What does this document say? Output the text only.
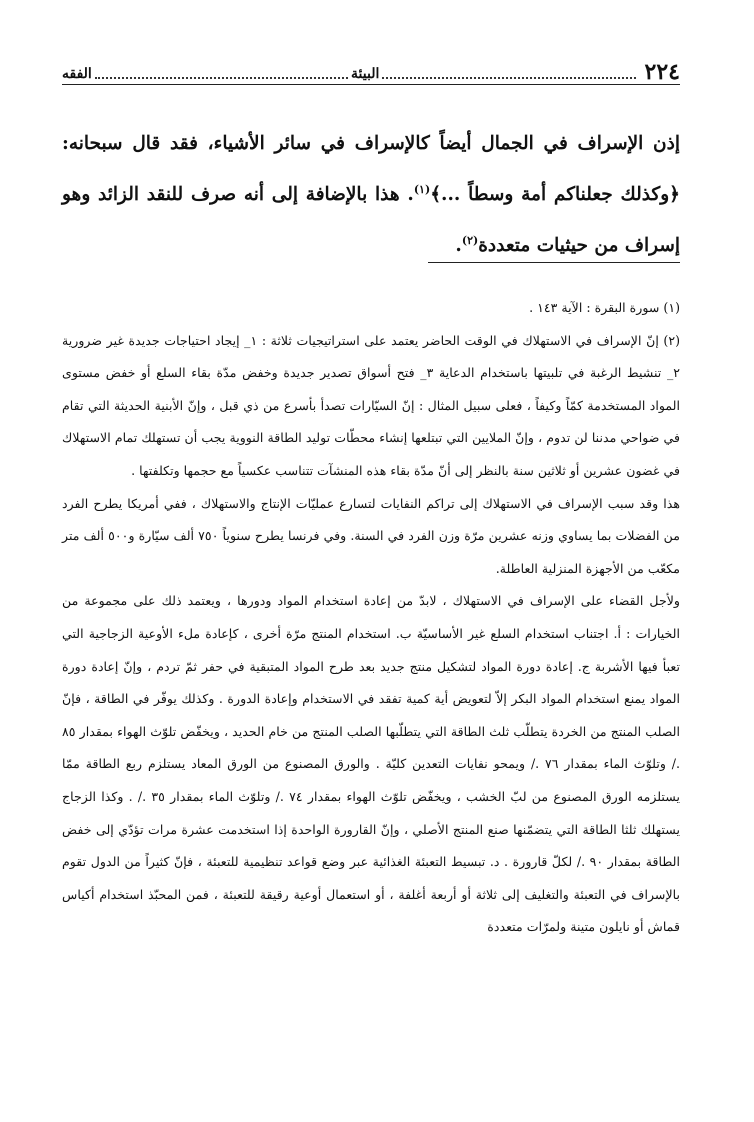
٢٢٤
البيئة
الفقه

إذن الإسراف في الجمال أيضاً كالإسراف في سائر الأشياء، فقد قال سبحانه: ﴿وكذلك جعلناكم أمة وسطاً ...﴾$^{(١)}$. هذا بالإضافة إلى أنه صرف للنقد الزائد وهو إسراف من حيثيات متعددة$^{(٢)}$.

(١) سورة البقرة : الآية ١٤٣ .

(٢) إنّ الإسراف في الاستهلاك في الوقت الحاضر يعتمد على استراتيجيات ثلاثة : ١_ إيجاد احتياجات جديدة غير ضرورية ٢_ تنشيط الرغبة في تلبيتها باستخدام الدعاية ٣_ فتح أسواق تصدير جديدة وخفض مدّة بقاء السلع أو خفض مستوى المواد المستخدمة كمّاً وكيفاً ، فعلى سبيل المثال : إنّ السيّارات تصدأ بأسرع من ذي قبل ، وإنّ الأبنية الحديثة التي تقام في ضواحي مدننا لن تدوم ، وإنّ الملايين التي تبتلعها إنشاء محطّات توليد الطاقة النووية يجب أن تستهلك تمام الاستهلاك في غضون عشرين أو ثلاثين سنة بالنظر إلى أنّ مدّة بقاء هذه المنشآت تتناسب عكسياً مع حجمها وتكلفتها .

هذا وقد سبب الإسراف في الاستهلاك إلى تراكم النفايات لتسارع عمليّات الإنتاج والاستهلاك ، ففي أمريكا يطرح الفرد من الفضلات بما يساوي وزنه عشرين مرّة وزن الفرد في السنة. وفي فرنسا يطرح سنوياً ٧٥٠ ألف سيّارة و٥٠٠ ألف متر مكعّب من الأجهزة المنزلية العاطلة.

ولأجل القضاء على الإسراف في الاستهلاك ، لابدّ من إعادة استخدام المواد ودورها ، ويعتمد ذلك على مجموعة من الخيارات : أ. اجتناب استخدام السلع غير الأساسيّة ب. استخدام المنتج مرّة أخرى ، كإعادة ملء الأوعية الزجاجية التي تعبأ فيها الأشربة ج. إعادة دورة المواد لتشكيل منتج جديد بعد طرح المواد المتبقية في حفر ثمّ تردم ، وإنّ إعادة دورة المواد يمنع استخدام المواد البكر إلاّ لتعويض أية كمية تفقد في الاستخدام وإعادة الدورة . وكذلك يوفّر في الطاقة ، فإنّ الصلب المنتج من الخردة يتطلّب ثلث الطاقة التي يتطلّبها الصلب المنتج من خام الحديد ، ويخفّض تلوّث الهواء بمقدار ٨٥ ./ وتلوّث الماء بمقدار ٧٦ ./ ويمحو نفايات التعدين كليّة . والورق المصنوع من الورق المعاد يستلزم ربع الطاقة ممّا يستلزمه الورق المصنوع من لبّ الخشب ، ويخفّض تلوّث الهواء بمقدار ٧٤ ./ وتلوّث الماء بمقدار ٣٥ ./ . وكذا الزجاج يستهلك ثلثا الطاقة التي يتضمّنها صنع المنتج الأصلي ، وإنّ القارورة الواحدة إذا استخدمت عشرة مرات تؤدّي إلى خفض الطاقة بمقدار ٩٠ ./ لكلّ قارورة . د. تبسيط التعبئة الغذائية عبر وضع قواعد تنظيمية للتعبئة ، فإنّ كثيراً من الدول تقوم بالإسراف في التعبئة والتغليف إلى ثلاثة أو أربعة أغلفة ، أو استعمال أوعية رقيقة للتعبئة ، فمن المحبّذ استخدام أكياس قماش أو نايلون متينة ولمرّات متعددة
